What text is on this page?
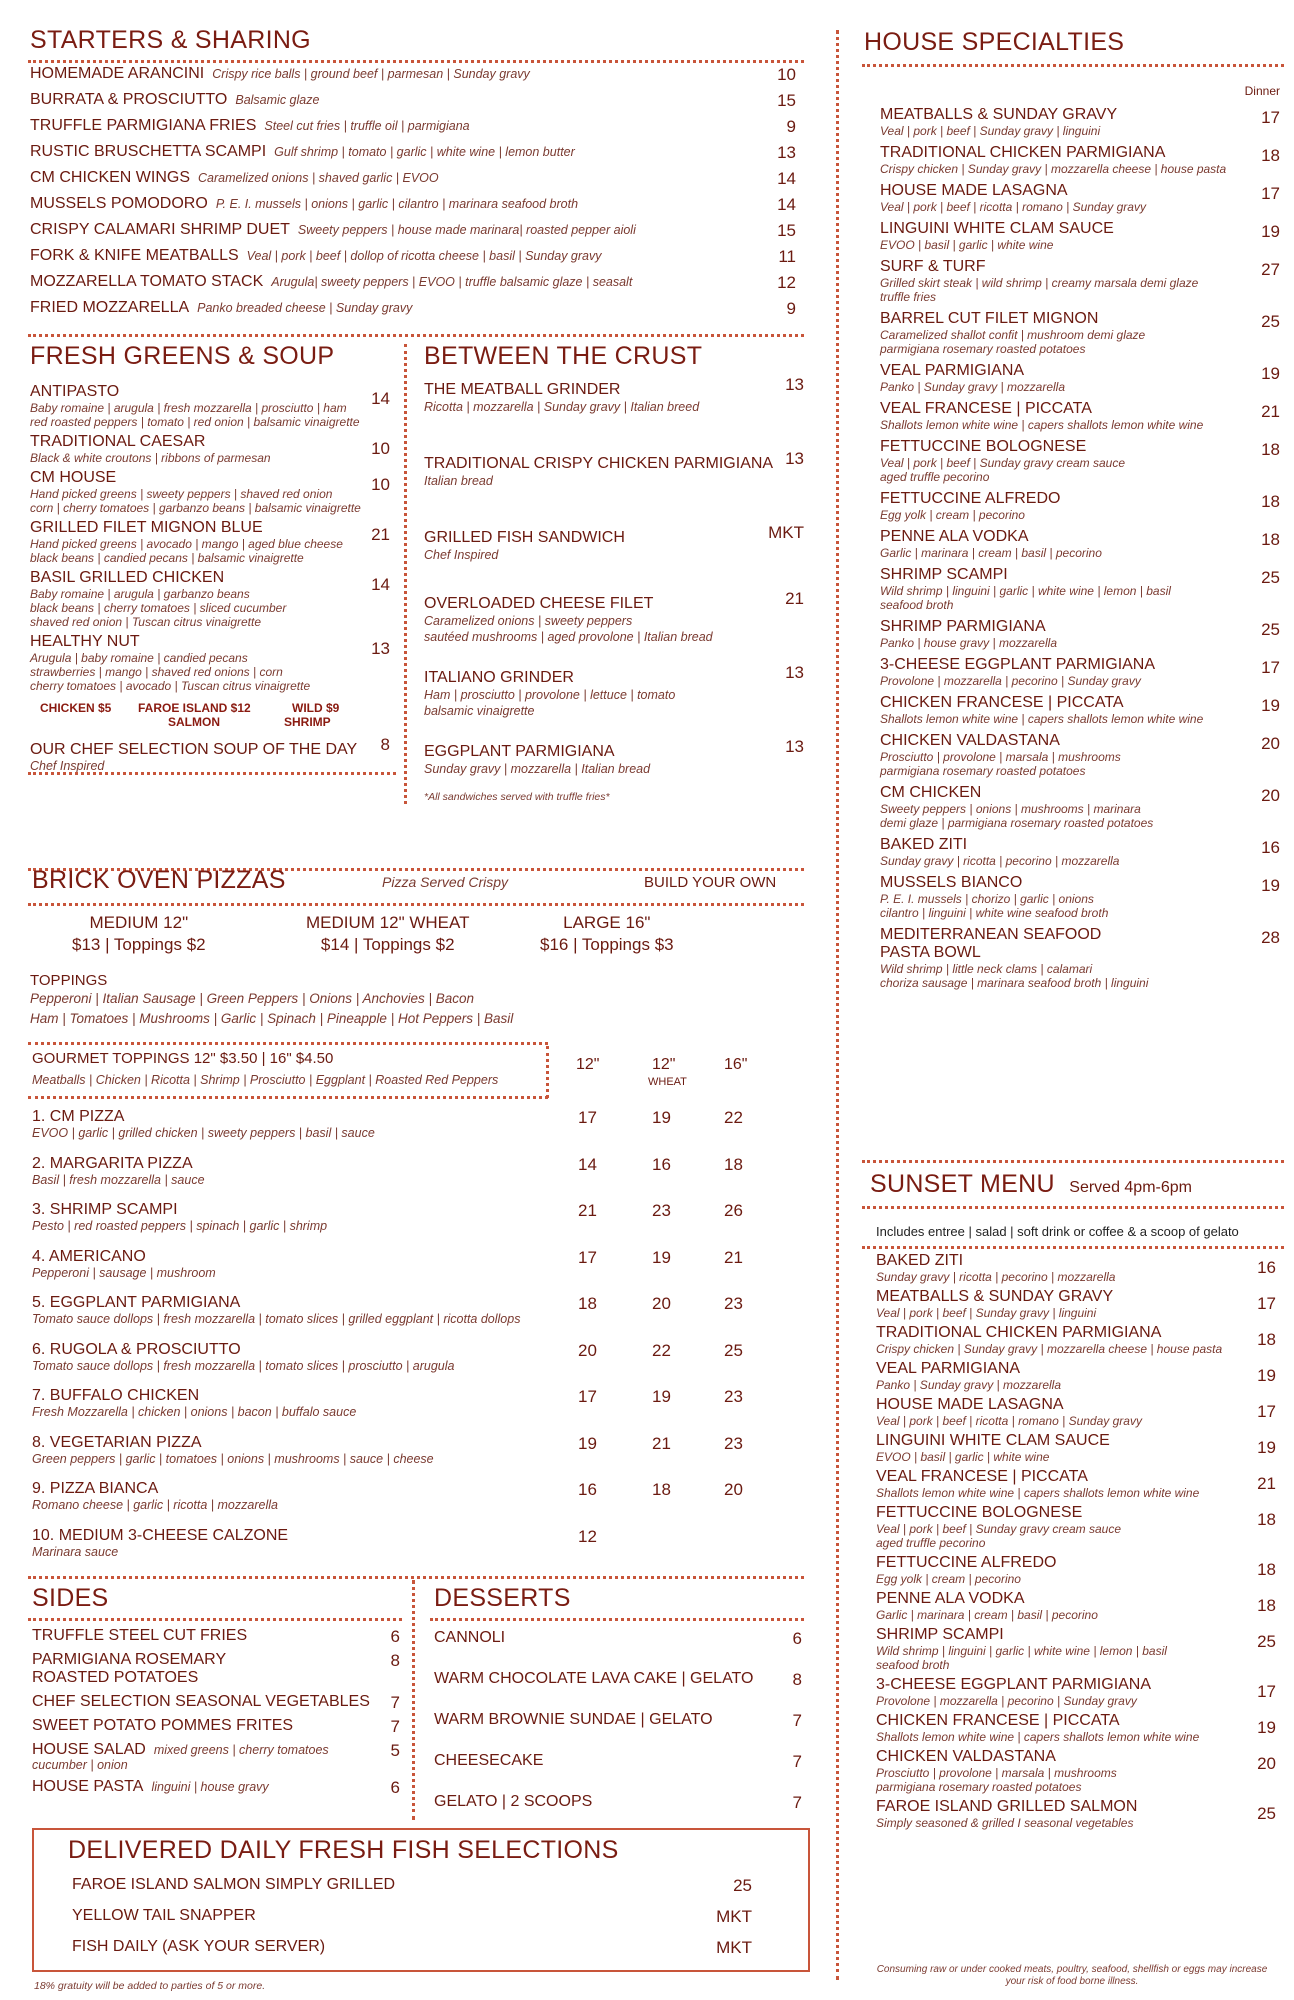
STARTERS & SHARING
HOMEMADE ARANCINI Crispy rice balls | ground beef | parmesan | Sunday gravy	10
BURRATA & PROSCIUTTO Balsamic glaze	15
TRUFFLE PARMIGIANA FRIES Steel cut fries | truffle oil | parmigiana	9
RUSTIC BRUSCHETTA SCAMPI Gulf shrimp | tomato | garlic | white wine | lemon butter	13
CM CHICKEN WINGS Caramelized onions | shaved garlic | EVOO	14
MUSSELS POMODORO P. E. I. mussels | onions | garlic | cilantro | marinara seafood broth	14
CRISPY CALAMARI SHRIMP DUET Sweety peppers | house made marinara| roasted pepper aioli	15
FORK & KNIFE MEATBALLS Veal | pork | beef | dollop of ricotta cheese | basil | Sunday gravy	11
MOZZARELLA TOMATO STACK Arugula| sweety peppers | EVOO | truffle balsamic glaze | seasalt	12
FRIED MOZZARELLA Panko breaded cheese | Sunday gravy	9
FRESH GREENS & SOUP
ANTIPASTO
Baby romaine | arugula | fresh mozzarella | prosciutto | ham
red roasted peppers | tomato | red onion | balsamic vinaigrette
14
TRADITIONAL CAESAR
Black & white croutons | ribbons of parmesan	10
CM HOUSE
Hand picked greens | sweety peppers | shaved red onion
corn | cherry tomatoes | garbanzo beans | balsamic vinaigrette
10
GRILLED FILET MIGNON BLUE
Hand picked greens | avocado | mango | aged blue cheese
black beans | candied pecans | balsamic vinaigrette
21
BASIL GRILLED CHICKEN
Baby romaine | arugula | garbanzo beans
black beans | cherry tomatoes | sliced cucumber
shaved red onion | Tuscan citrus vinaigrette
14
HEALTHY NUT
Arugula | baby romaine | candied pecans
strawberries | mango | shaved red onions | corn
cherry tomatoes | avocado | Tuscan citrus vinaigrette
13
CHICKEN $5 FAROE ISLAND $12
SALMON
WILD $9
SHRIMP
OUR CHEF SELECTION SOUP OF THE DAY
Chef Inspired
8
BETWEEN THE CRUST
THE MEATBALL GRINDER
Ricotta | mozzarella | Sunday gravy | Italian breed
13
TRADITIONAL CRISPY CHICKEN PARMIGIANA
Italian bread
13
GRILLED FISH SANDWICH
Chef Inspired
MKT
OVERLOADED CHEESE FILET
Caramelized onions | sweety peppers
sautéed mushrooms | aged provolone | Italian bread
21
ITALIANO GRINDER
Ham | prosciutto | provolone | lettuce | tomato
balsamic vinaigrette
13
EGGPLANT PARMIGIANA
Sunday gravy | mozzarella | Italian bread
13
*All sandwiches served with truffle fries*
BRICK OVEN PIZZAS	Pizza Served Crispy	BUILD YOUR OWN
MEDIUM 12"
$13 | Toppings $2
MEDIUM 12" WHEAT
$14 | Toppings $2
LARGE 16"
$16 | Toppings $3
TOPPINGS
Pepperoni | Italian Sausage | Green Peppers | Onions | Anchovies | Bacon
Ham | Tomatoes | Mushrooms | Garlic | Spinach | Pineapple | Hot Peppers | Basil
GOURMET TOPPINGS 12" $3.50 | 16" $4.50
Meatballs | Chicken | Ricotta | Shrimp | Prosciutto | Eggplant | Roasted Red Peppers
12"	12"
WHEAT
16"
1. CM PIZZA
EVOO | garlic | grilled chicken | sweety peppers | basil | sauce
17	19	22
2. MARGARITA PIZZA
Basil | fresh mozzarella | sauce
14	16	18
3. SHRIMP SCAMPI
Pesto | red roasted peppers | spinach | garlic | shrimp
21	23	26
4. AMERICANO
Pepperoni | sausage | mushroom
17	19	21
5. EGGPLANT PARMIGIANA
Tomato sauce dollops | fresh mozzarella | tomato slices | grilled eggplant | ricotta dollops
18	20	23
6. RUGOLA & PROSCIUTTO
Tomato sauce dollops | fresh mozzarella | tomato slices | prosciutto | arugula
20	22	25
7. BUFFALO CHICKEN
Fresh Mozzarella | chicken | onions | bacon | buffalo sauce
17	19	23
8. VEGETARIAN PIZZA
Green peppers | garlic | tomatoes | onions | mushrooms | sauce | cheese
19	21	23
9. PIZZA BIANCA
Romano cheese | garlic | ricotta | mozzarella
16	18	20
10. MEDIUM 3-CHEESE CALZONE
Marinara sauce
12
SIDES
TRUFFLE STEEL CUT FRIES	6
PARMIGIANA ROSEMARY
ROASTED POTATOES
8
CHEF SELECTION SEASONAL VEGETABLES	7
SWEET POTATO POMMES FRITES	7
HOUSE SALAD mixed greens | cherry tomatoes
cucumber | onion
5
HOUSE PASTA linguini | house gravy	6
DESSERTS
CANNOLI	6
WARM CHOCOLATE LAVA CAKE | GELATO	8
WARM BROWNIE SUNDAE | GELATO	7
CHEESECAKE	7
GELATO | 2 SCOOPS	7
DELIVERED DAILY FRESH FISH SELECTIONS
FAROE ISLAND SALMON SIMPLY GRILLED	25
YELLOW TAIL SNAPPER	MKT
FISH DAILY (ASK YOUR SERVER)	MKT
18% gratuity will be added to parties of 5 or more.
HOUSE SPECIALTIES
Dinner
MEATBALLS & SUNDAY GRAVY
Veal | pork | beef | Sunday gravy | linguini
17
TRADITIONAL CHICKEN PARMIGIANA
Crispy chicken | Sunday gravy | mozzarella cheese | house pasta
18
HOUSE MADE LASAGNA
Veal | pork | beef | ricotta | romano | Sunday gravy
17
LINGUINI WHITE CLAM SAUCE
EVOO | basil | garlic | white wine
19
SURF & TURF
Grilled skirt steak | wild shrimp | creamy marsala demi glaze
truffle fries
27
BARREL CUT FILET MIGNON
Caramelized shallot confit | mushroom demi glaze
parmigiana rosemary roasted potatoes
25
VEAL PARMIGIANA
Panko | Sunday gravy | mozzarella
19
VEAL FRANCESE | PICCATA
Shallots lemon white wine | capers shallots lemon white wine
21
FETTUCCINE BOLOGNESE
Veal | pork | beef | Sunday gravy cream sauce
aged truffle pecorino
18
FETTUCCINE ALFREDO
Egg yolk | cream | pecorino
18
PENNE ALA VODKA
Garlic | marinara | cream | basil | pecorino
18
SHRIMP SCAMPI
Wild shrimp | linguini | garlic | white wine | lemon | basil
seafood broth
25
SHRIMP PARMIGIANA
Panko | house gravy | mozzarella
25
3-CHEESE EGGPLANT PARMIGIANA
Provolone | mozzarella | pecorino | Sunday gravy
17
CHICKEN FRANCESE | PICCATA
Shallots lemon white wine | capers shallots lemon white wine
19
CHICKEN VALDASTANA
Prosciutto | provolone | marsala | mushrooms
parmigiana rosemary roasted potatoes
20
CM CHICKEN
Sweety peppers | onions | mushrooms | marinara
demi glaze | parmigiana rosemary roasted potatoes
20
BAKED ZITI
Sunday gravy | ricotta | pecorino | mozzarella
16
MUSSELS BIANCO
P. E. I. mussels | chorizo | garlic | onions
cilantro | linguini | white wine seafood broth
19
MEDITERRANEAN SEAFOOD
PASTA BOWL
Wild shrimp | little neck clams | calamari
choriza sausage | marinara seafood broth | linguini
28
SUNSET MENU Served 4pm-6pm
Includes entree | salad | soft drink or coffee & a scoop of gelato
BAKED ZITI
Sunday gravy | ricotta | pecorino | mozzarella	16
MEATBALLS & SUNDAY GRAVY
Veal | pork | beef | Sunday gravy | linguini	17
TRADITIONAL CHICKEN PARMIGIANA
Crispy chicken | Sunday gravy | mozzarella cheese | house pasta	18
VEAL PARMIGIANA
Panko | Sunday gravy | mozzarella	19
HOUSE MADE LASAGNA
Veal | pork | beef | ricotta | romano | Sunday gravy	17
LINGUINI WHITE CLAM SAUCE
EVOO | basil | garlic | white wine	19
VEAL FRANCESE | PICCATA
Shallots lemon white wine | capers shallots lemon white wine	21
FETTUCCINE BOLOGNESE
Veal | pork | beef | Sunday gravy cream sauce
aged truffle pecorino
18
FETTUCCINE ALFREDO
Egg yolk | cream | pecorino	18
PENNE ALA VODKA
Garlic | marinara | cream | basil | pecorino	18
SHRIMP SCAMPI
Wild shrimp | linguini | garlic | white wine | lemon | basil
seafood broth
25
3-CHEESE EGGPLANT PARMIGIANA
Provolone | mozzarella | pecorino | Sunday gravy	17
CHICKEN FRANCESE | PICCATA
Shallots lemon white wine | capers shallots lemon white wine	19
CHICKEN VALDASTANA
Prosciutto | provolone | marsala | mushrooms
parmigiana rosemary roasted potatoes
20
FAROE ISLAND GRILLED SALMON
Simply seasoned & grilled I seasonal vegetables	25
Consuming raw or under cooked meats, poultry, seafood, shellfish or eggs may increase
your risk of food borne illness.
